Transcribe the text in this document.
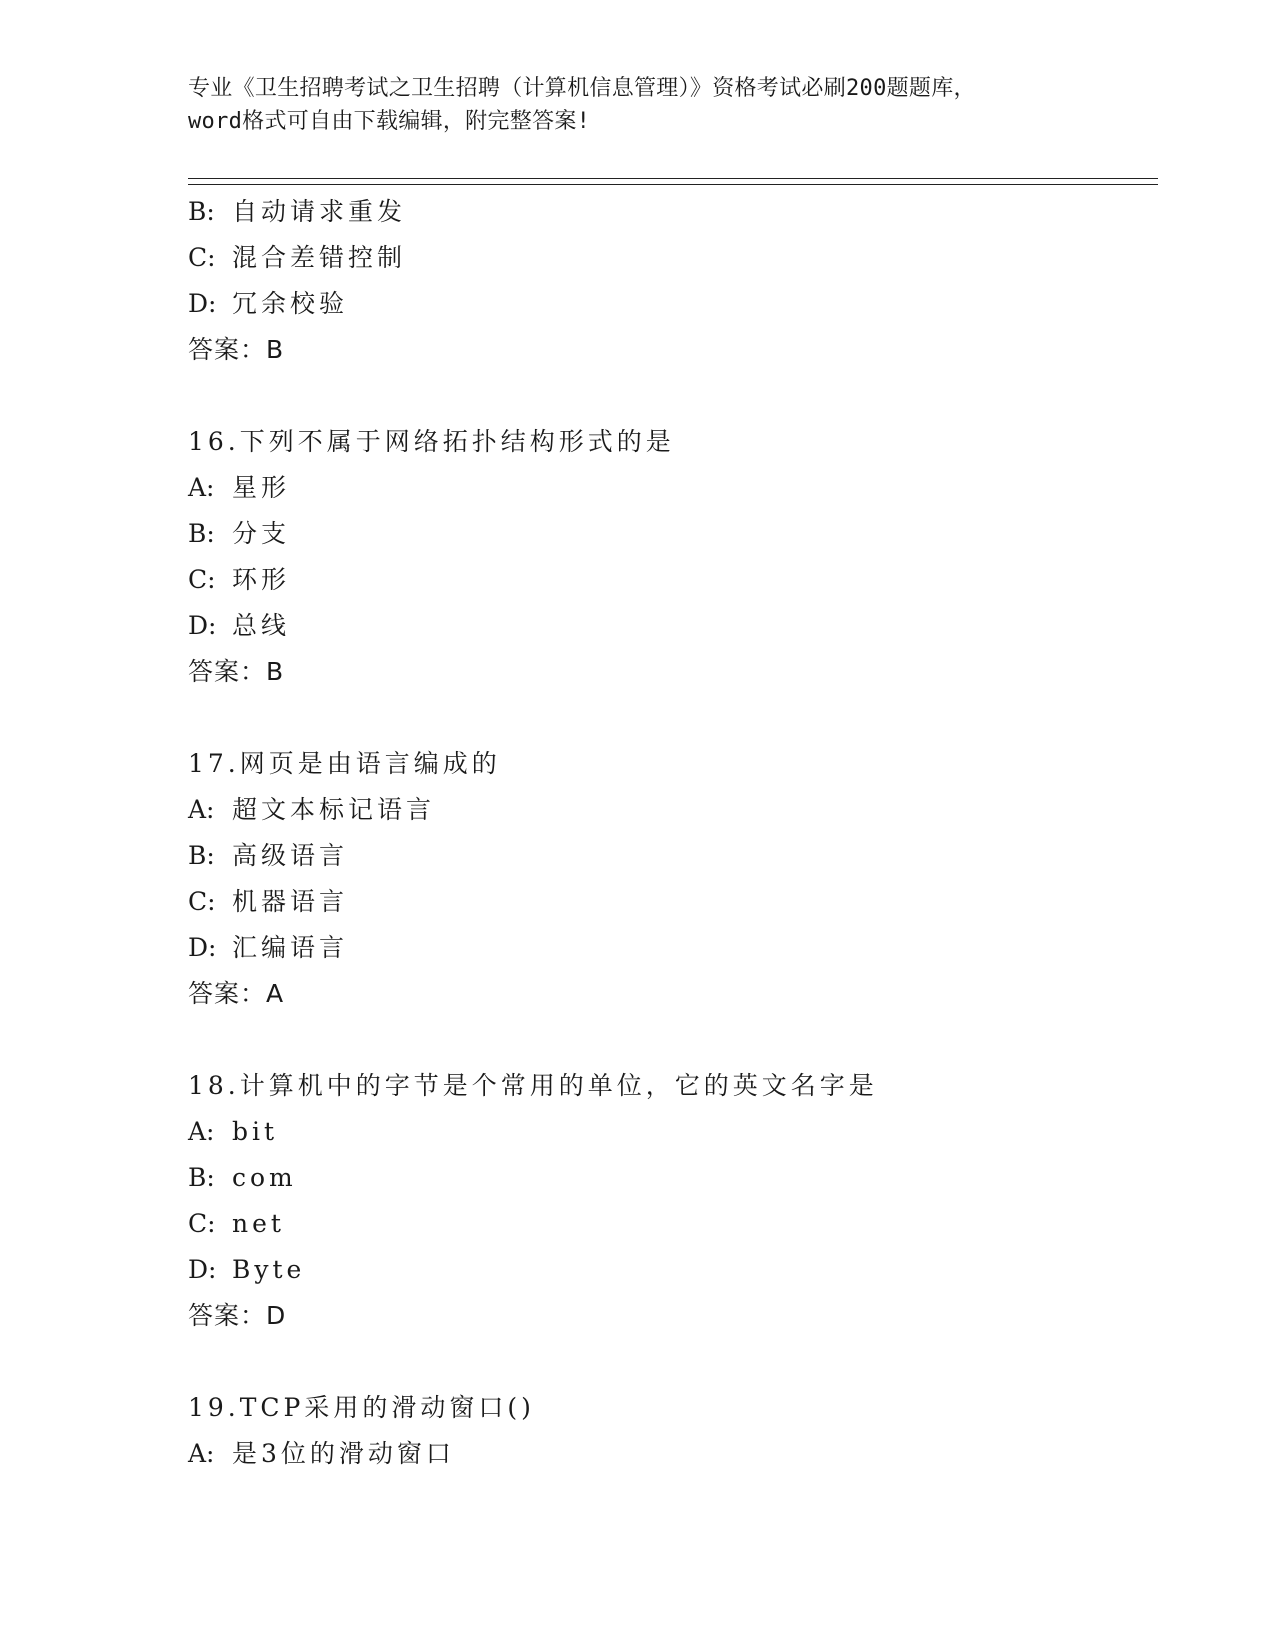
专业《卫生招聘考试之卫生招聘（计算机信息管理）》资格考试必刷200题题库，
word格式可自由下载编辑，附完整答案!
B: 自动请求重发
C: 混合差错控制
D: 冗余校验
答案：B
16.下列不属于网络拓扑结构形式的是
A: 星形
B: 分支
C: 环形
D: 总线
答案：B
17.网页是由语言编成的
A: 超文本标记语言
B: 高级语言
C: 机器语言
D: 汇编语言
答案：A
18.计算机中的字节是个常用的单位，它的英文名字是
A: bit
B: com
C: net
D: Byte
答案：D
19.TCP采用的滑动窗口()
A: 是3位的滑动窗口
